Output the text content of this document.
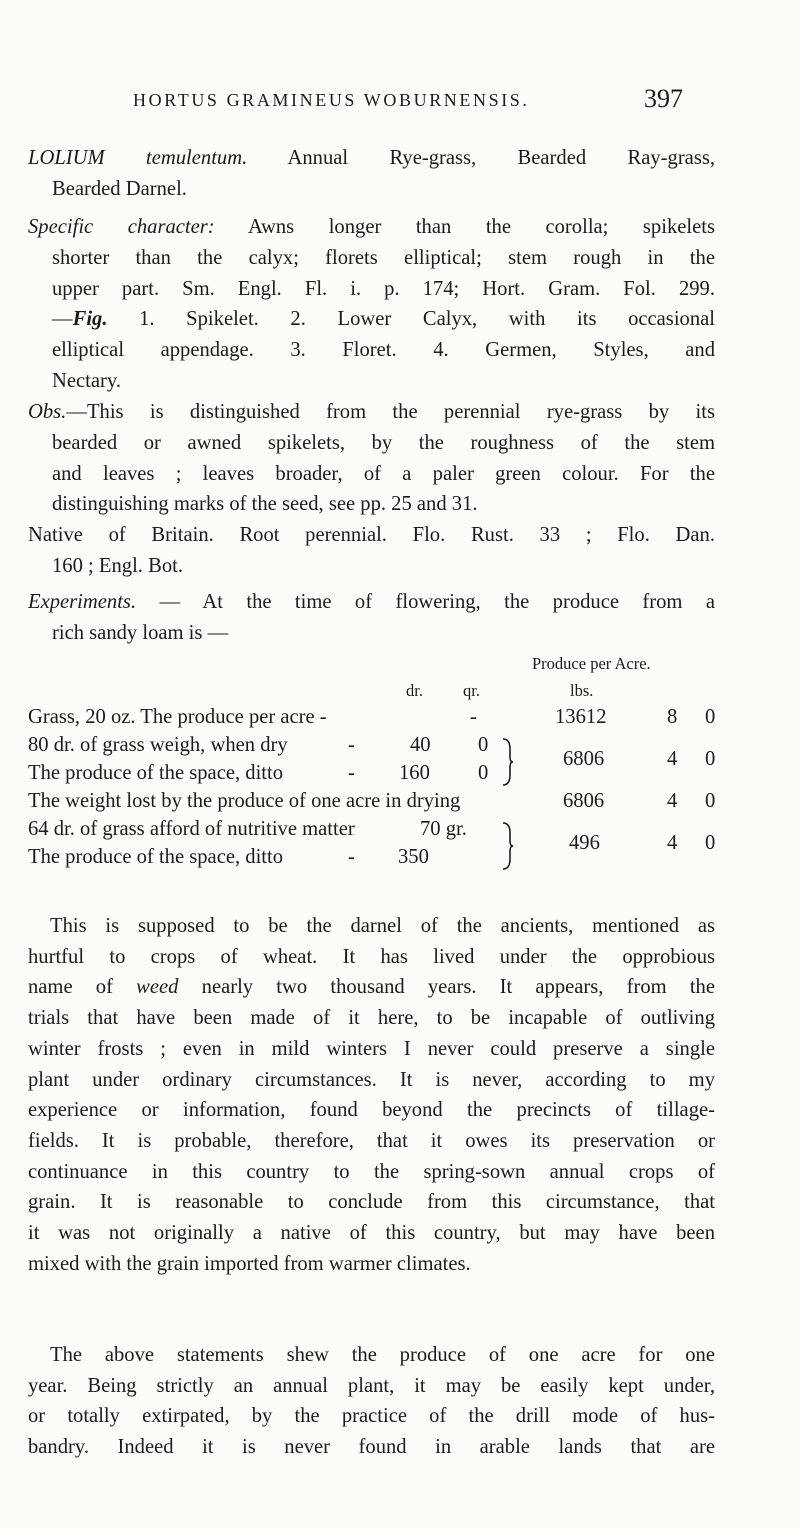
HORTUS GRAMINEUS WOBURNENSIS.	397
LOLIUM temulentum. Annual Rye-grass, Bearded Ray-grass,
Bearded Darnel.
Specific character: Awns longer than the corolla; spikelets
shorter than the calyx; florets elliptical; stem rough in the
upper part. Sm. Engl. Fl. i. p. 174; Hort. Gram. Fol. 299.
—Fig. 1. Spikelet. 2. Lower Calyx, with its occasional
elliptical appendage. 3. Floret. 4. Germen, Styles, and
Nectary.
Obs.—This is distinguished from the perennial rye-grass by its
bearded or awned spikelets, by the roughness of the stem
and leaves ; leaves broader, of a paler green colour. For the
distinguishing marks of the seed, see pp. 25 and 31.
Native of Britain. Root perennial. Flo. Rust. 33 ; Flo. Dan.
160 ; Engl. Bot.
Experiments. — At the time of flowering, the produce from a
rich sandy loam is —
Produce per Acre.
dr. qr.	lbs.
Grass, 20 oz. The produce per acre -	-	13612	8 0
80 dr. of grass weigh, when dry	-	40 0
6806	4 0
The produce of the space, ditto	- 160 0
The weight lost by the produce of one acre in drying	6806	4 0
64 dr. of grass afford of nutritive matter	70 gr.
496	4 0
The produce of the space, ditto	- 350
This is supposed to be the darnel of the ancients, mentioned as
hurtful to crops of wheat. It has lived under the opprobious
name of weed nearly two thousand years. It appears, from the
trials that have been made of it here, to be incapable of outliving
winter frosts ; even in mild winters I never could preserve a single
plant under ordinary circumstances. It is never, according to my
experience or information, found beyond the precincts of tillage-
fields. It is probable, therefore, that it owes its preservation or
continuance in this country to the spring-sown annual crops of
grain. It is reasonable to conclude from this circumstance, that
it was not originally a native of this country, but may have been
mixed with the grain imported from warmer climates.
The above statements shew the produce of one acre for one
year. Being strictly an annual plant, it may be easily kept under,
or totally extirpated, by the practice of the drill mode of hus-
bandry. Indeed it is never found in arable lands that are
